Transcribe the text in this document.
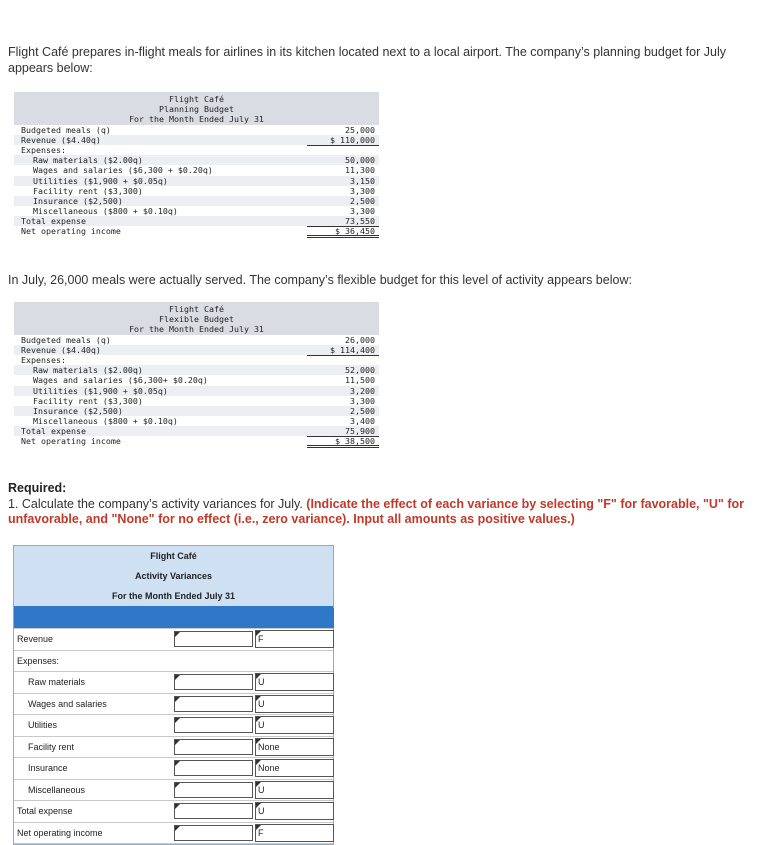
Flight Café prepares in-flight meals for airlines in its kitchen located next to a local airport. The company’s planning budget for July appears below:
Flight Café
Planning Budget
For the Month Ended July 31
Budgeted meals (q)	25,000
Revenue ($4.40q)	$ 110,000
Expenses:
Raw materials ($2.00q)	50,000
Wages and salaries ($6,300 + $0.20q)	11,300
Utilities ($1,900 + $0.05q)	3,150
Facility rent ($3,300)	3,300
Insurance ($2,500)	2,500
Miscellaneous ($800 + $0.10q)	3,300
Total expense	73,550
Net operating income	$ 36,450
In July, 26,000 meals were actually served. The company’s flexible budget for this level of activity appears below:
Flight Café
Flexible Budget
For the Month Ended July 31
Budgeted meals (q)	26,000
Revenue ($4.40q)	$ 114,400
Expenses:
Raw materials ($2.00q)	52,000
Wages and salaries ($6,300+ $0.20q)	11,500
Utilities ($1,900 + $0.05q)	3,200
Facility rent ($3,300)	3,300
Insurance ($2,500)	2,500
Miscellaneous ($800 + $0.10q)	3,400
Total expense	75,900
Net operating income	$ 38,500
Required:
1. Calculate the company’s activity variances for July. (Indicate the effect of each variance by selecting "F" for favorable, "U" for unfavorable, and "None" for no effect (i.e., zero variance). Input all amounts as positive values.)
Flight Café
Activity Variances
For the Month Ended July 31
Revenue	F
Expenses:
Raw materials	U
Wages and salaries	U
Utilities	U
Facility rent	None
Insurance	None
Miscellaneous	U
Total expense	U
Net operating income	F
